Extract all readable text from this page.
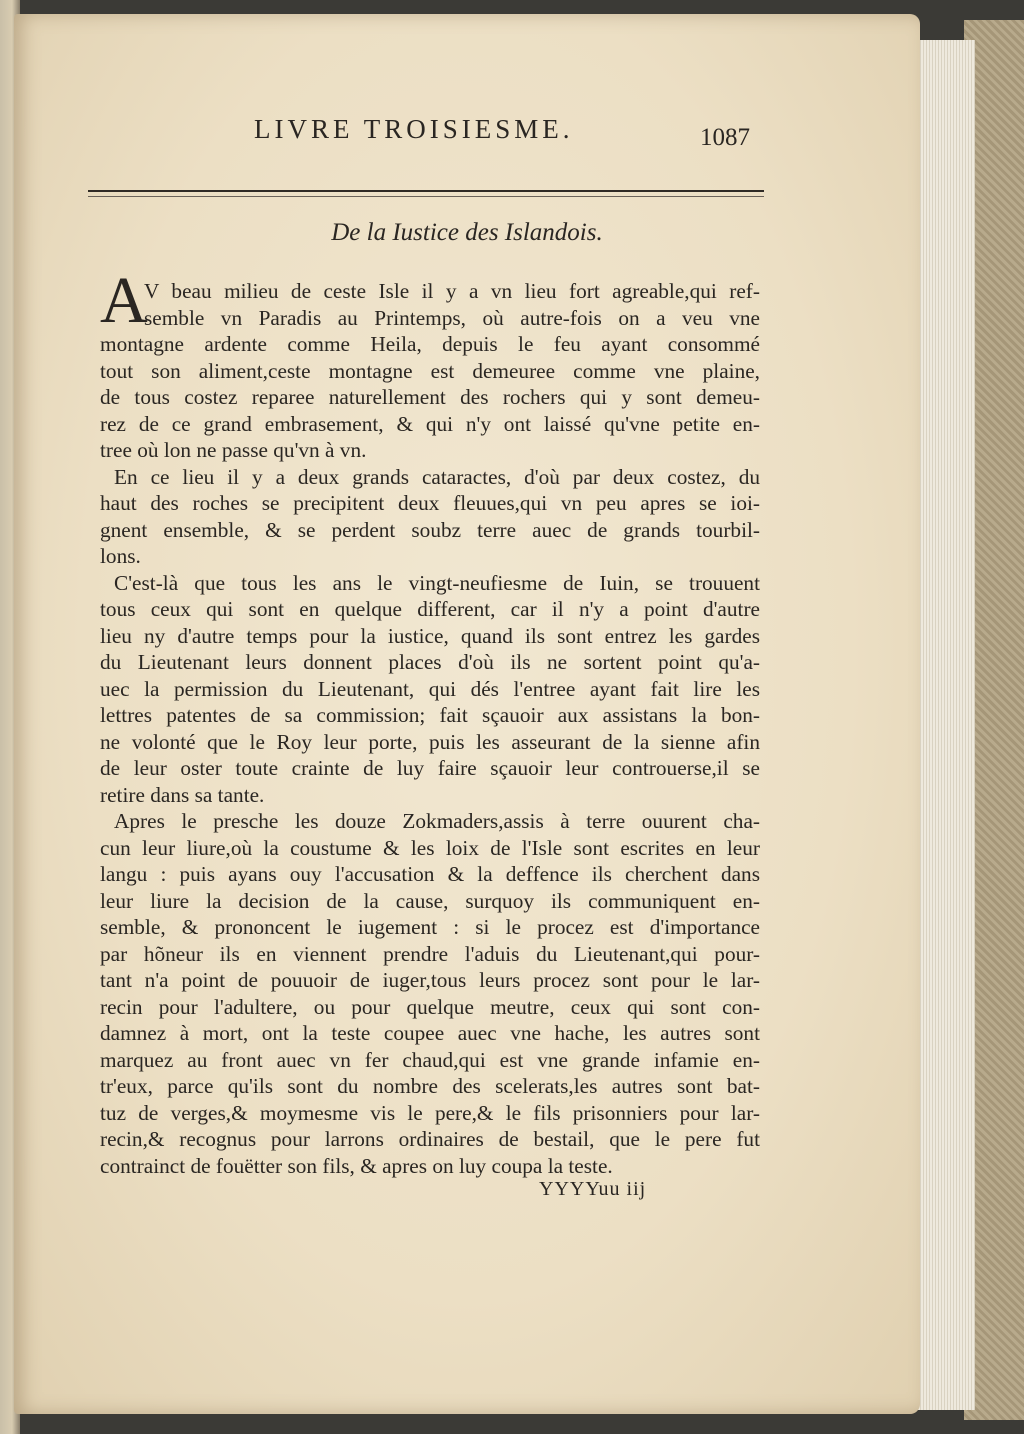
LIVRE TROISIESME.	1087
De la Iustice des Islandois.
A
V beau milieu de ceste Isle il y a vn lieu fort agreable,qui ref-
semble vn Paradis au Printemps, où autre-fois on a veu vne
montagne ardente comme Heila, depuis le feu ayant consommé
tout son aliment,ceste montagne est demeuree comme vne plaine,
de tous costez reparee naturellement des rochers qui y sont demeu-
rez de ce grand embrasement, & qui n'y ont laissé qu'vne petite en-
tree où lon ne passe qu'vn à vn.
En ce lieu il y a deux grands cataractes, d'où par deux costez, du
haut des roches se precipitent deux fleuues,qui vn peu apres se ioi-
gnent ensemble, & se perdent soubz terre auec de grands tourbil-
lons.
C'est-là que tous les ans le vingt-neufiesme de Iuin, se trouuent
tous ceux qui sont en quelque different, car il n'y a point d'autre
lieu ny d'autre temps pour la iustice, quand ils sont entrez les gardes
du Lieutenant leurs donnent places d'où ils ne sortent point qu'a-
uec la permission du Lieutenant, qui dés l'entree ayant fait lire les
lettres patentes de sa commission; fait sçauoir aux assistans la bon-
ne volonté que le Roy leur porte, puis les asseurant de la sienne afin
de leur oster toute crainte de luy faire sçauoir leur controuerse,il se
retire dans sa tante.
Apres le presche les douze Zokmaders,assis à terre ouurent cha-
cun leur liure,où la coustume & les loix de l'Isle sont escrites en leur
langu : puis ayans ouy l'accusation & la deffence ils cherchent dans
leur liure la decision de la cause, surquoy ils communiquent en-
semble, & prononcent le iugement : si le procez est d'importance
par hõneur ils en viennent prendre l'aduis du Lieutenant,qui pour-
tant n'a point de pouuoir de iuger,tous leurs procez sont pour le lar-
recin pour l'adultere, ou pour quelque meutre, ceux qui sont con-
damnez à mort, ont la teste coupee auec vne hache, les autres sont
marquez au front auec vn fer chaud,qui est vne grande infamie en-
tr'eux, parce qu'ils sont du nombre des scelerats,les autres sont bat-
tuz de verges,& moymesme vis le pere,& le fils prisonniers pour lar-
recin,& recognus pour larrons ordinaires de bestail, que le pere fut
contrainct de fouëtter son fils, & apres on luy coupa la teste.
YYYYuu iij
